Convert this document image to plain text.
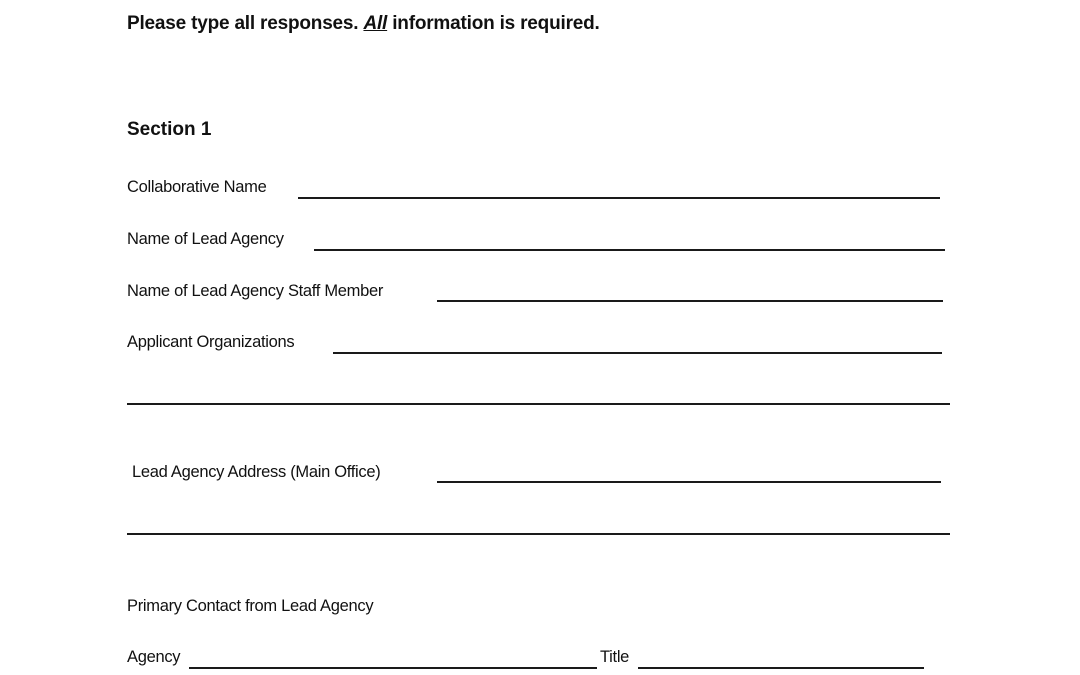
Please type all responses. All information is required.
Section 1
Collaborative Name
Name of Lead Agency
Name of Lead Agency Staff Member
Applicant Organizations
Lead Agency Address (Main Office)
Primary Contact from Lead Agency
Agency	Title
